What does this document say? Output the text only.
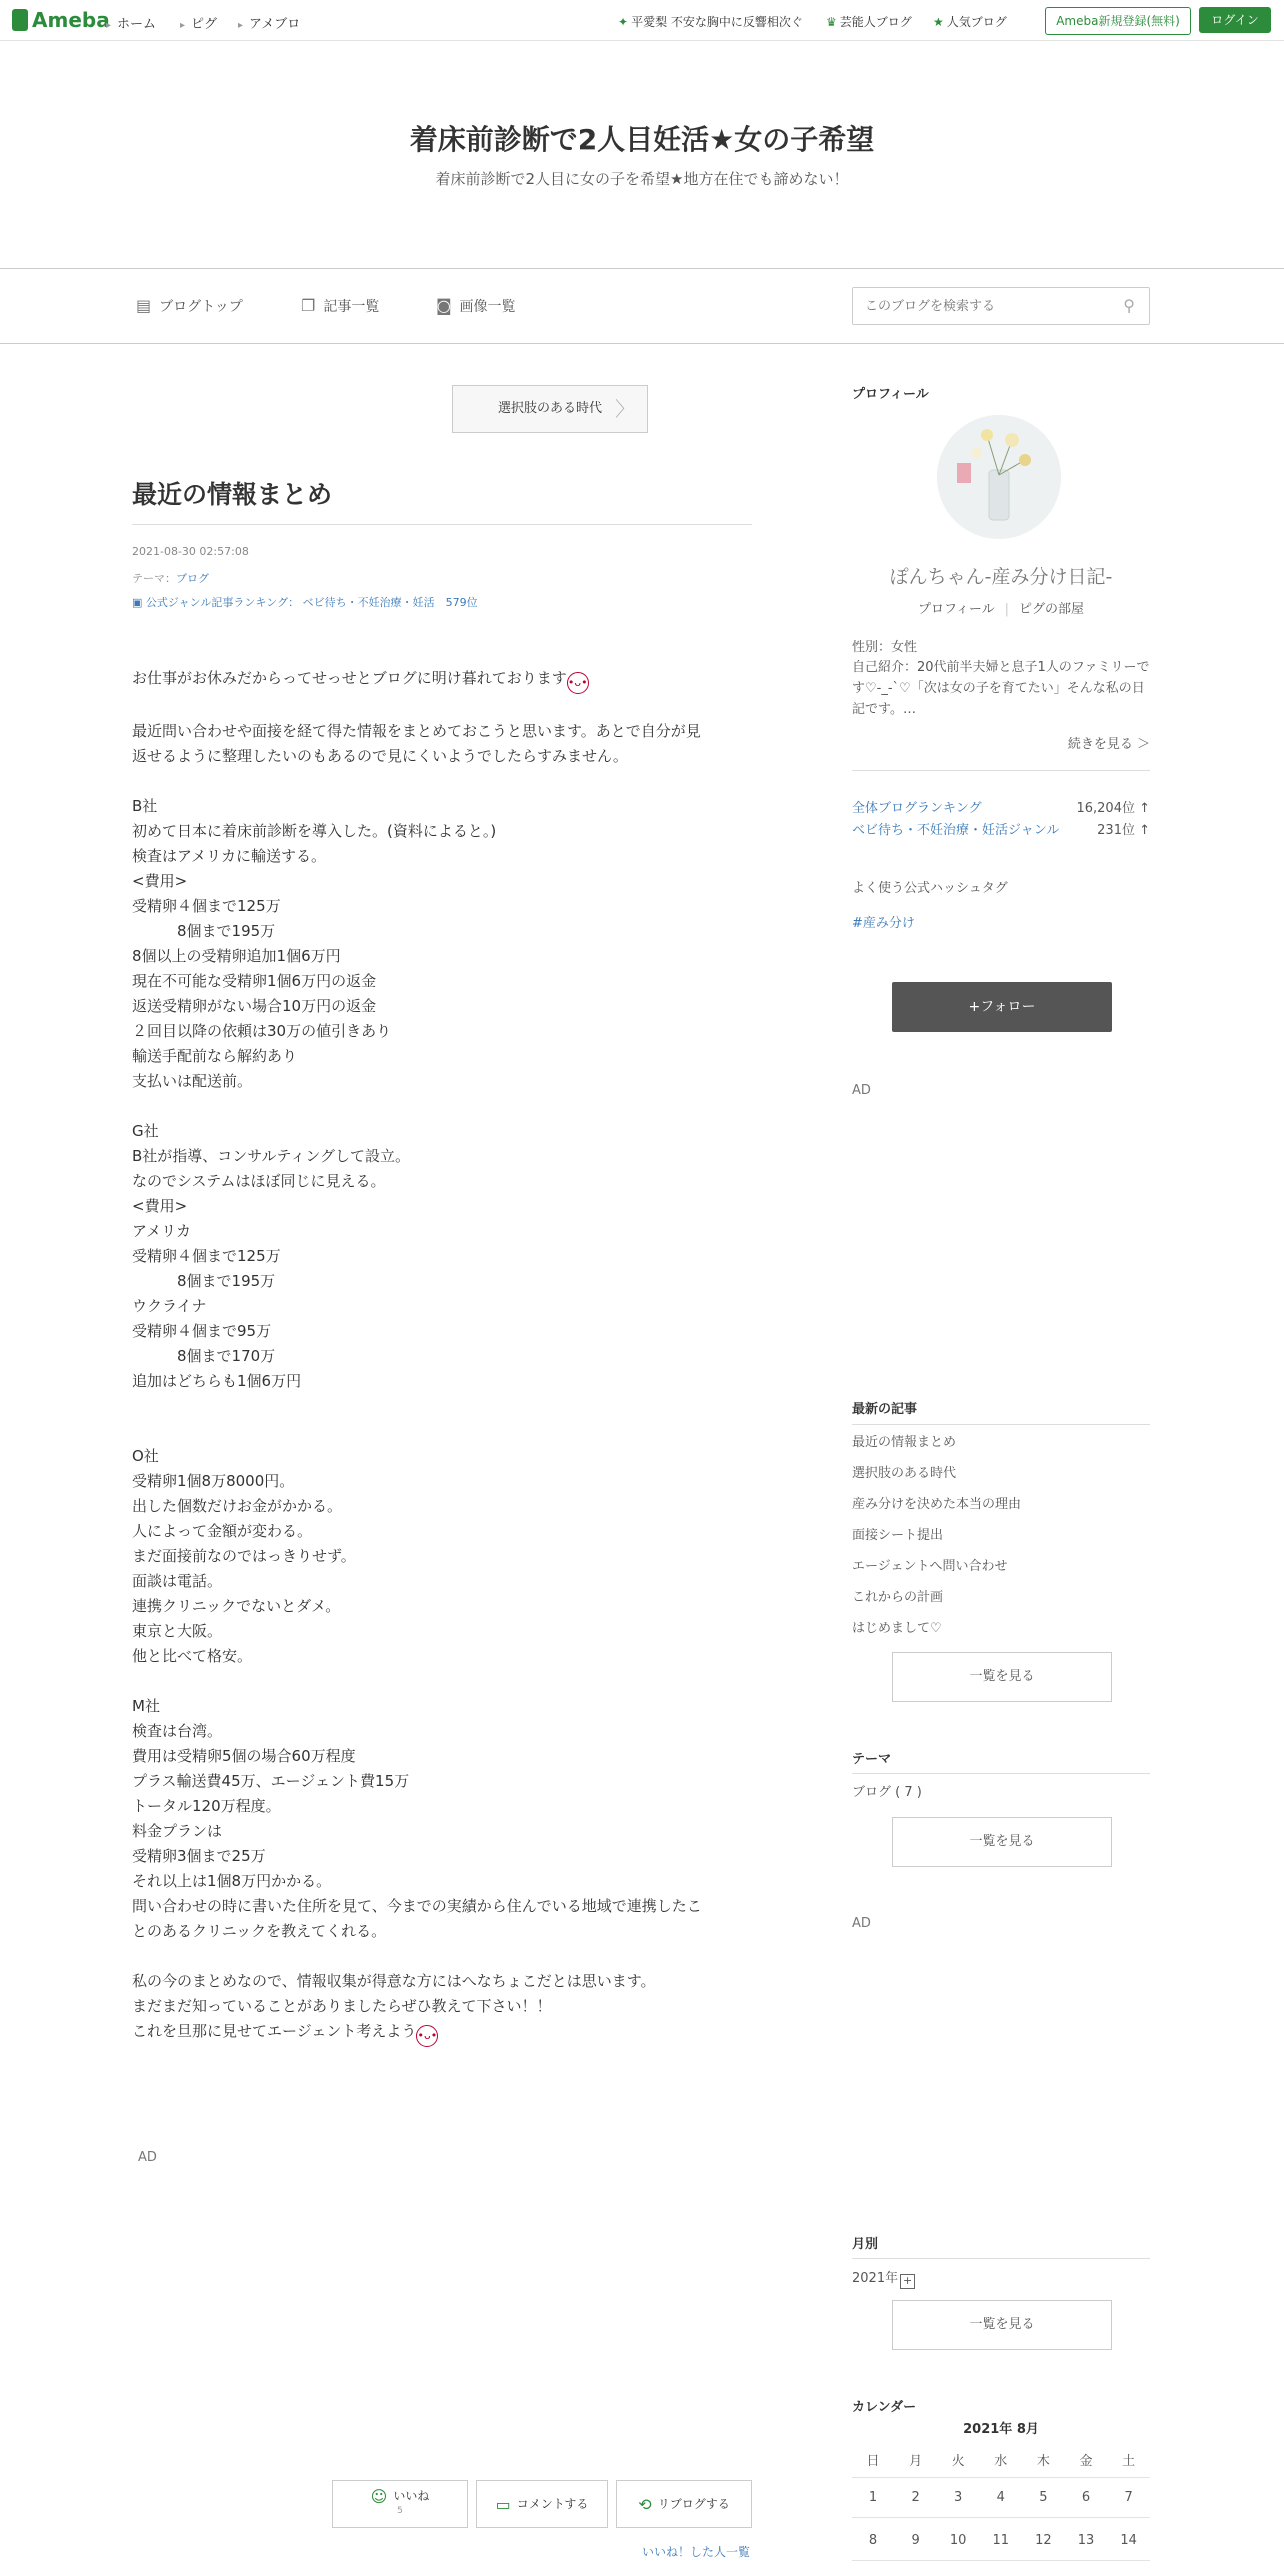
Ameba ▸ ホーム	▸ ピグ	▸ アメブロ	✦ 平愛梨 不安な胸中に反響相次ぐ ♛ 芸能人ブログ ★ 人気ブログ	Ameba新規登録(無料)	ログイン
着床前診断で2人目妊活★女の子希望
着床前診断で2人目に女の子を希望★地方在住でも諦めない！
▤ ブログトップ	❐ 記事一覧	◙ 画像一覧
このブログを検索する	⚲
選択肢のある時代 〉
最近の情報まとめ
2021-08-30 02:57:08
テーマ：ブログ
▣ 公式ジャンル記事ランキング： ベビ待ち・不妊治療・妊活　 579位
お仕事がお休みだからってせっせとブログに明け暮れております•ᴗ•
最近問い合わせや面接を経て得た情報をまとめておこうと思います。あとで自分が見
返せるように整理したいのもあるので見にくいようでしたらすみません。
B社
初めて日本に着床前診断を導入した。(資料によると。)
検査はアメリカに輸送する。
<費用>
受精卵４個まで125万
　　　8個まで195万
8個以上の受精卵追加1個6万円
現在不可能な受精卵1個6万円の返金
返送受精卵がない場合10万円の返金
２回目以降の依頼は30万の値引きあり
輸送手配前なら解約あり
支払いは配送前。
G社
B社が指導、コンサルティングして設立。
なのでシステムはほぼ同じに見える。
<費用>
アメリカ
受精卵４個まで125万
　　　8個まで195万
ウクライナ
受精卵４個まで95万
　　　8個まで170万
追加はどちらも1個6万円
O社
受精卵1個8万8000円。
出した個数だけお金がかかる。
人によって金額が変わる。
まだ面接前なのではっきりせず。
面談は電話。
連携クリニックでないとダメ。
東京と大阪。
他と比べて格安。
M社
検査は台湾。
費用は受精卵5個の場合60万程度
プラス輸送費45万、エージェント費15万
トータル120万程度。
料金プランは
受精卵3個まで25万
それ以上は1個8万円かかる。
問い合わせの時に書いた住所を見て、今までの実績から住んでいる地域で連携したこ
とのあるクリニックを教えてくれる。
私の今のまとめなので、情報収集が得意な方にはへなちょこだとは思います。
まだまだ知っていることがありましたらぜひ教えて下さい！！
これを旦那に見せてエージェント考えよう•ᴗ•
AD
☺ いいね
5	▭ コメントする	⟲ リブログする
いいね！した人一覧
プロフィール
ぽんちゃん-産み分け日記-
プロフィール | ピグの部屋
性別：女性
自己紹介：20代前半夫婦と息子1人のファミリーです♡-_-`♡「次は女の子を育てたい」そんな私の日記です。…
続きを見る ＞
全体ブログランキング	16,204位 ↑
ベビ待ち・不妊治療・妊活ジャンル	231位 ↑
よく使う公式ハッシュタグ
#産み分け
+フォロー
AD
最新の記事
最近の情報まとめ
選択肢のある時代
産み分けを決めた本当の理由
面接シート提出
エージェントへ問い合わせ
これからの計画
はじめまして♡
一覧を見る
テーマ
ブログ ( 7 )
一覧を見る
AD
月別
2021年 +
一覧を見る
カレンダー
2021年 8月
日	月	火	水	木	金	土
1	2	3	4	5	6	7
8	9	10	11	12	13	14
